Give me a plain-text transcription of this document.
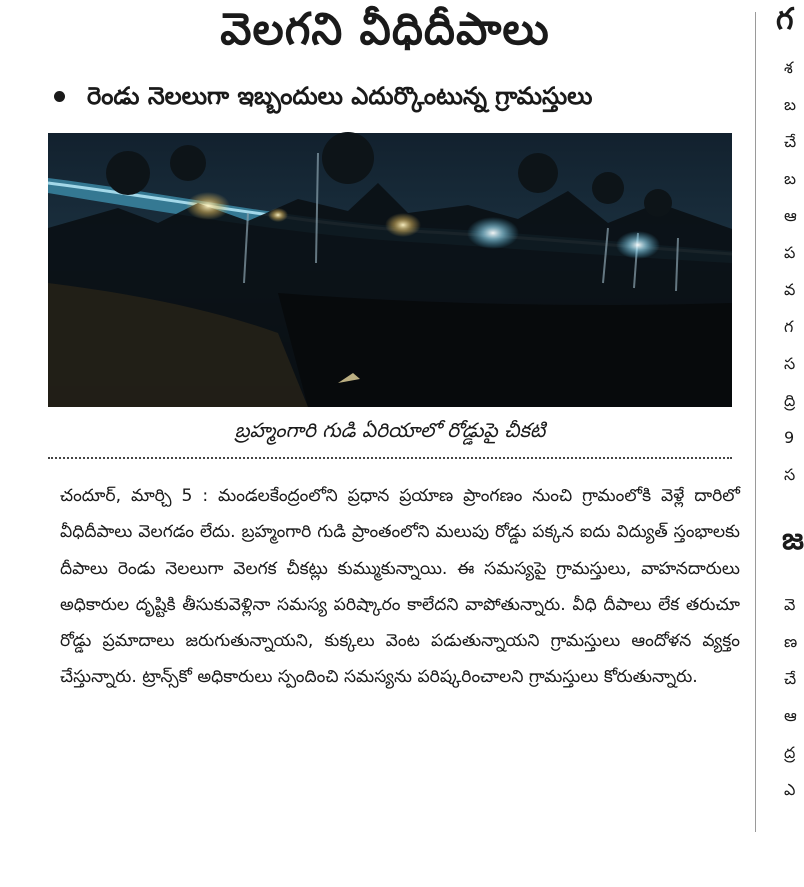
వెలగని వీధిదీపాలు
రెండు నెలలుగా ఇబ్బందులు ఎదుర్కొంటున్న గ్రామస్తులు
బ్రహ్మంగారి గుడి ఏరియాలో రోడ్డుపై చీకటి
చందూర్, మార్చి 5 : మండలకేంద్రంలోని ప్రధాన ప్రయాణ ప్రాంగణం నుంచి గ్రామంలోకి వెళ్లే దారిలో వీధిదీపాలు వెలగడం లేదు. బ్రహ్మంగారి గుడి ప్రాంతంలోని మలుపు రోడ్డు పక్కన ఐదు విద్యుత్ స్తంభాలకు దీపాలు రెండు నెలలుగా వెలగక చీకట్లు కుమ్ముకున్నాయి. ఈ సమస్యపై గ్రామస్తులు, వాహనదారులు అధికారుల దృష్టికి తీసుకువెళ్లినా సమస్య పరిష్కారం కాలేదని వాపోతున్నారు. వీధి దీపాలు లేక తరుచూ రోడ్డు ప్రమాదాలు జరుగుతున్నాయని, కుక్కలు వెంట పడుతున్నాయని గ్రామస్తులు ఆందోళన వ్యక్తం చేస్తున్నారు. ట్రాన్స్‌కో అధికారులు స్పందించి సమస్యను పరిష్కరించాలని గ్రామస్తులు కోరుతున్నారు.
గ
శ
బ
చే
బ
ఆ
ప
వ
గ
స
ద్రి
9
స
జ
వె
ణ
చే
ఆ
ద్ర
ఎ
